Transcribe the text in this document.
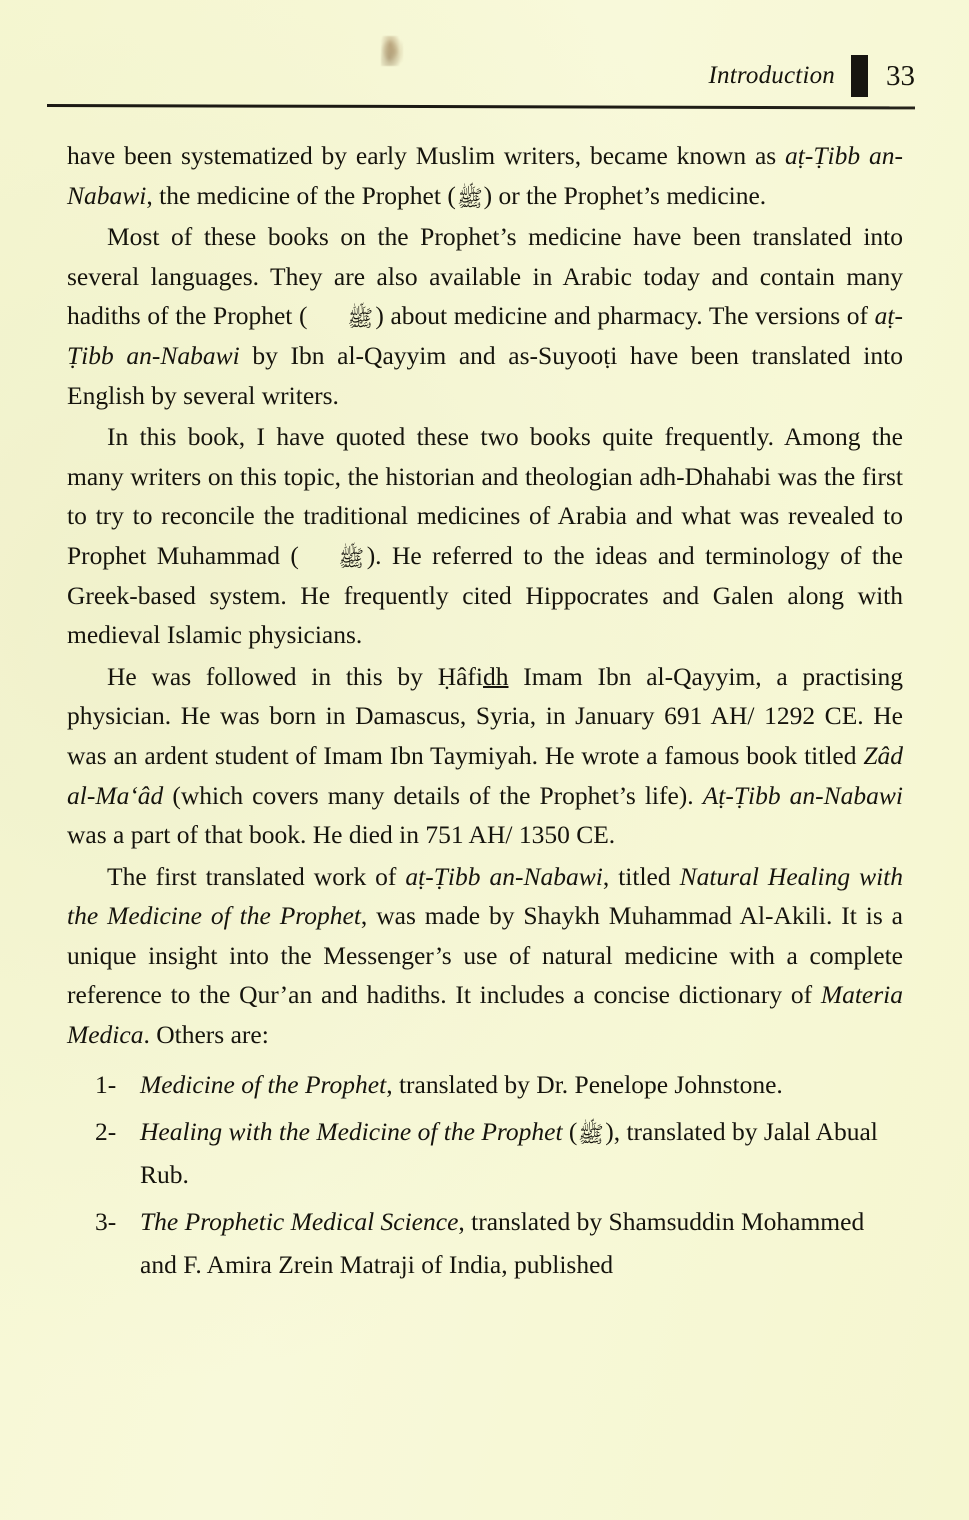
Introduction 33

have been systematized by early Muslim writers, became known as aṭ-Ṭibb an-Nabawi, the medicine of the Prophet (ﷺ) or the Prophet’s medicine.

Most of these books on the Prophet’s medicine have been translated into several languages. They are also available in Arabic today and contain many hadiths of the Prophet ( ﷺ ) about medicine and pharmacy. The versions of aṭ-Ṭibb an-Nabawi by Ibn al-Qayyim and as-Suyooṭi have been translated into English by several writers.

In this book, I have quoted these two books quite frequently. Among the many writers on this topic, the historian and theologian adh-Dhahabi was the first to try to reconcile the traditional medicines of Arabia and what was revealed to Prophet Muhammad ( ﷺ ). He referred to the ideas and terminology of the Greek-based system. He frequently cited Hippocrates and Galen along with medieval Islamic physicians.

He was followed in this by Ḥâfidh Imam Ibn al-Qayyim, a practising physician. He was born in Damascus, Syria, in January 691 AH/ 1292 CE. He was an ardent student of Imam Ibn Taymiyah. He wrote a famous book titled Zâd al-Ma‘âd (which covers many details of the Prophet’s life). Aṭ-Ṭibb an-Nabawi was a part of that book. He died in 751 AH/ 1350 CE.

The first translated work of aṭ-Ṭibb an-Nabawi, titled Natural Healing with the Medicine of the Prophet, was made by Shaykh Muhammad Al-Akili. It is a unique insight into the Messenger’s use of natural medicine with a complete reference to the Qur’an and hadiths. It includes a concise dictionary of Materia Medica. Others are:

1- Medicine of the Prophet, translated by Dr. Penelope Johnstone.
2- Healing with the Medicine of the Prophet (ﷺ), translated by Jalal Abual Rub.
3- The Prophetic Medical Science, translated by Shamsuddin Mohammed and F. Amira Zrein Matraji of India, published
